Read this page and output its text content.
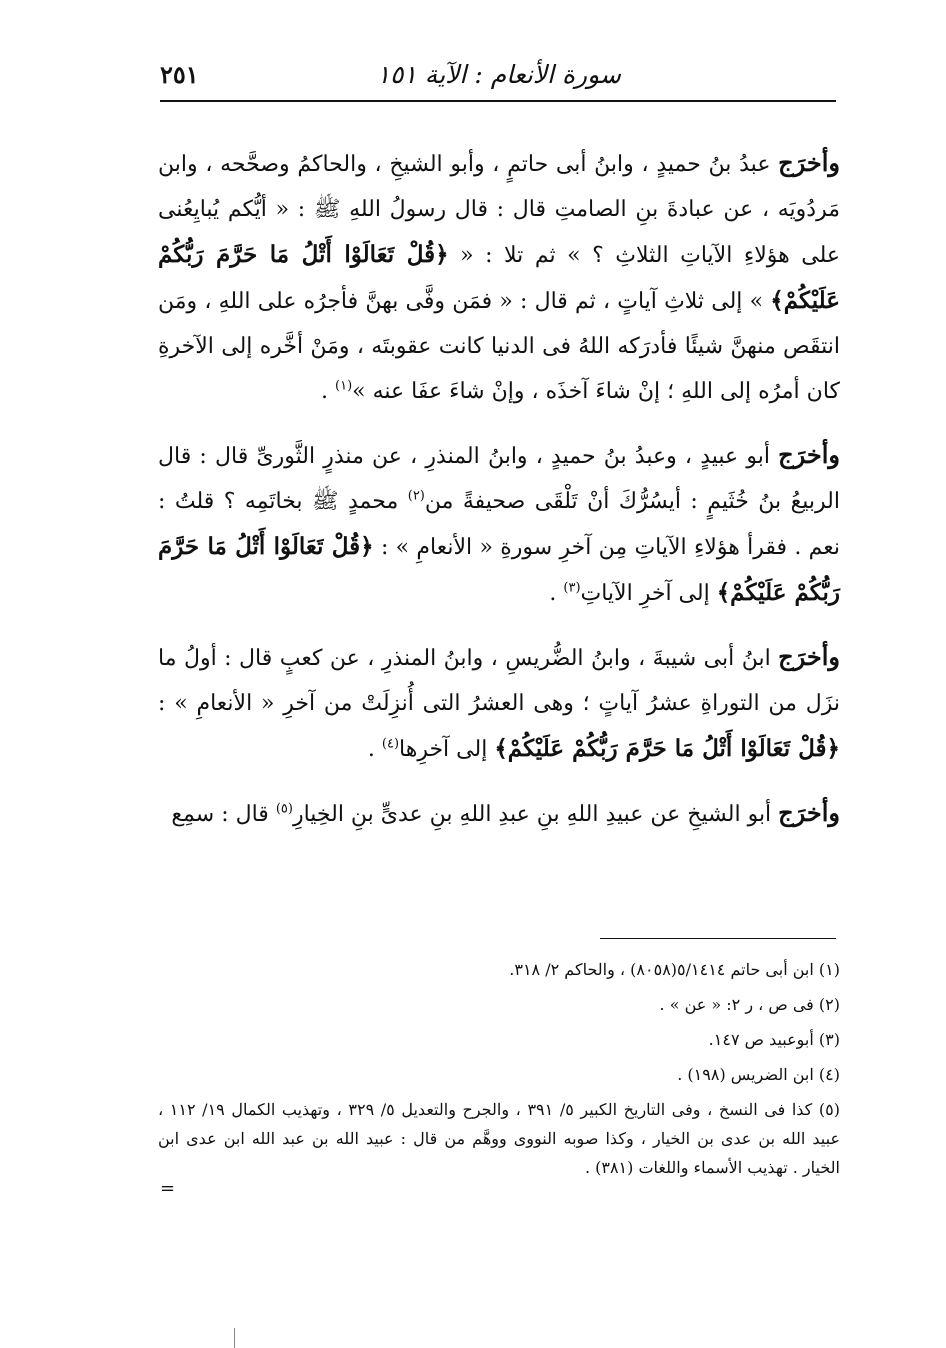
سورة الأنعام : الآية ١٥١
٢٥١

وأخرَج عبدُ بنُ حميدٍ ، وابنُ أبى حاتمٍ ، وأبو الشيخِ ، والحاكمُ وصحَّحه ، وابن مَردُويَه ، عن عبادةَ بنِ الصامتِ قال : قال رسولُ اللهِ ﷺ : « أيُّكم يُبايِعُنى على هؤلاءِ الآياتِ الثلاثِ ؟ » ثم تلا : « ﴿قُلْ تَعَالَوْا أَتْلُ مَا حَرَّمَ رَبُّكُمْ عَلَيْكُمْ﴾ » إلى ثلاثِ آياتٍ ، ثم قال : « فمَن وفَّى بهنَّ فأجرُه على اللهِ ، ومَن انتقَص منهنَّ شيئًا فأدرَكه اللهُ فى الدنيا كانت عقوبتَه ، ومَنْ أخَّره إلى الآخرةِ كان أمرُه إلى اللهِ ؛ إنْ شاءَ آخذَه ، وإنْ شاءَ عفَا عنه »$^{(١)}$ .

وأخرَج أبو عبيدٍ ، وعبدُ بنُ حميدٍ ، وابنُ المنذرِ ، عن منذرٍ الثَّورىِّ قال : قال الربيعُ بنُ خُثَيمٍ : أيسُرُّكَ أنْ تَلْقَى صحيفةً من$^{(٢)}$ محمدٍ ﷺ بخاتَمِه ؟ قلتُ : نعم . فقرأ هؤلاءِ الآياتِ مِن آخرِ سورةِ « الأنعامِ » : ﴿قُلْ تَعَالَوْا أَتْلُ مَا حَرَّمَ رَبُّكُمْ عَلَيْكُمْ﴾ إلى آخرِ الآياتِ$^{(٣)}$ .

وأخرَج ابنُ أبى شيبةَ ، وابنُ الضُّريسِ ، وابنُ المنذرِ ، عن كعبٍ قال : أولُ ما نزَل من التوراةِ عشرُ آياتٍ ؛ وهى العشرُ التى أُنزِلَتْ من آخرِ « الأنعامِ » : ﴿قُلْ تَعَالَوْا أَتْلُ مَا حَرَّمَ رَبُّكُمْ عَلَيْكُمْ﴾ إلى آخرِها$^{(٤)}$ .

وأخرَج أبو الشيخِ عن عبيدِ اللهِ بنِ عبدِ اللهِ بنِ عدىٍّ بنِ الخِيارِ$^{(٥)}$ قال : سمِع

(١) ابن أبى حاتم ٥/١٤١٤(٨٠٥٨) ، والحاكم ٢/ ٣١٨.

(٢) فى ص ، ر ٢: « عن » .

(٣) أبوعبيد ص ١٤٧.

(٤) ابن الضريس (١٩٨) .

(٥) كذا فى النسخ ، وفى التاريخ الكبير ٥/ ٣٩١ ، والجرح والتعديل ٥/ ٣٢٩ ، وتهذيب الكمال ١٩/ ١١٢ ، عبيد الله بن عدى بن الخيار ، وكذا صوبه النووى ووهَّم من قال : عبيد الله بن عبد الله ابن عدى ابن الخيار . تهذيب الأسماء واللغات (٣٨١) .

=
